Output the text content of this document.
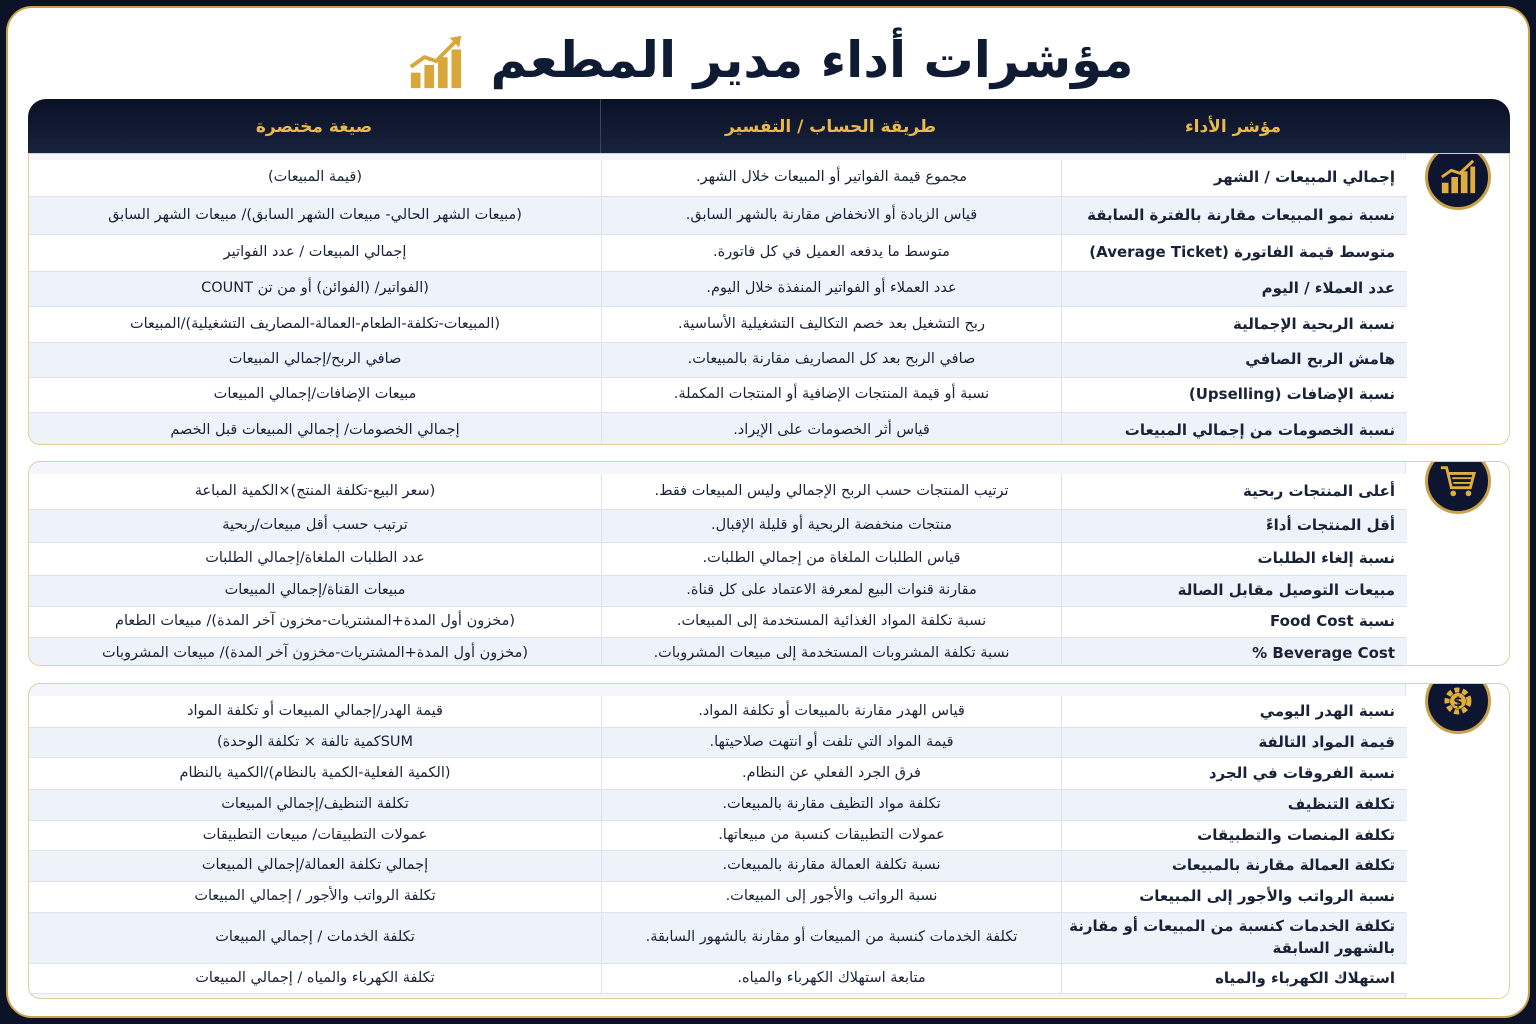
مؤشرات أداء مدير المطعم
مؤشر الأداء
طريقة الحساب / التفسير
صيغة مختصرة
إجمالي المبيعات / الشهر
مجموع قيمة الفواتير أو المبيعات خلال الشهر.
(قيمة المبيعات)
نسبة نمو المبيعات مقارنة بالفترة السابقة
قياس الزيادة أو الانخفاض مقارنة بالشهر السابق.
(مبيعات الشهر الحالي- مبيعات الشهر السابق)/ مبيعات الشهر السابق
متوسط قيمة الفاتورة (Average Ticket)
متوسط ما يدفعه العميل في كل فاتورة.
إجمالي المبيعات / عدد الفواتير
عدد العملاء / اليوم
عدد العملاء أو الفواتير المنفذة خلال اليوم.
(الفواتير/ (الفوائن) أو من تن COUNT
نسبة الربحية الإجمالية
ربح التشغيل بعد خصم التكاليف التشغيلية الأساسية.
(المبيعات-تكلفة-الطعام-العمالة-المصاريف التشغيلية)/المبيعات
هامش الربح الصافي
صافي الربح بعد كل المصاريف مقارنة بالمبيعات.
صافي الربح/إجمالي المبيعات
نسبة الإضافات (Upselling)
نسبة أو قيمة المنتجات الإضافية أو المنتجات المكملة.
مبيعات الإضافات/إجمالي المبيعات
نسبة الخصومات من إجمالي المبيعات
قياس أثر الخصومات على الإيراد.
إجمالي الخصومات/ إجمالي المبيعات قبل الخصم
أعلى المنتجات ربحية
ترتيب المنتجات حسب الربح الإجمالي وليس المبيعات فقط.
(سعر البيع-تكلفة المنتج)×الكمية المباعة
أقل المنتجات أداءً
منتجات منخفضة الربحية أو قليلة الإقبال.
ترتيب حسب أقل مبيعات/ربحية
نسبة إلغاء الطلبات
قياس الطلبات الملغاة من إجمالي الطلبات.
عدد الطلبات الملغاة/إجمالي الطلبات
مبيعات التوصيل مقابل الصالة
مقارنة قنوات البيع لمعرفة الاعتماد على كل قناة.
مبيعات القناة/إجمالي المبيعات
نسبة Food Cost
نسبة تكلفة المواد الغذائية المستخدمة إلى المبيعات.
(مخزون أول المدة+المشتريات-مخزون آخر المدة)/ مبيعات الطعام
Beverage Cost %
نسبة تكلفة المشروبات المستخدمة إلى مبيعات المشروبات.
(مخزون أول المدة+المشتريات-مخزون آخر المدة)/ مبيعات المشروبات
$
نسبة الهدر اليومي
قياس الهدر مقارنة بالمبيعات أو تكلفة المواد.
قيمة الهدر/إجمالي المبيعات أو تكلفة المواد
قيمة المواد التالفة
قيمة المواد التي تلفت أو انتهت صلاحيتها.
SUMكمية تالفة × تكلفة الوحدة)
نسبة الفروقات في الجرد
فرق الجرد الفعلي عن النظام.
(الكمية الفعلية-الكمية بالنظام)/الكمية بالنظام
تكلفة التنظيف
تكلفة مواد التظيف مقارنة بالمبيعات.
تكلفة التنظيف/إجمالي المبيعات
تكلفة المنصات والتطبيقات
عمولات التطبيقات كنسبة من مبيعاتها.
عمولات التطبيقات/ مبيعات التطبيقات
تكلفة العمالة مقارنة بالمبيعات
نسبة تكلفة العمالة مقارنة بالمبيعات.
إجمالي تكلفة العمالة/إجمالي المبيعات
نسبة الرواتب والأجور إلى المبيعات
نسبة الرواتب والأجور إلى المبيعات.
تكلفة الرواتب والأجور / إجمالي المبيعات
تكلفة الخدمات كنسبة من المبيعات أو مقارنة بالشهور السابقة
تكلفة الخدمات كنسبة من المبيعات أو مقارنة بالشهور السابقة.
تكلفة الخدمات / إجمالي المبيعات
استهلاك الكهرباء والمياه
متابعة استهلاك الكهرباء والمياه.
تكلفة الكهرباء والمياه / إجمالي المبيعات
